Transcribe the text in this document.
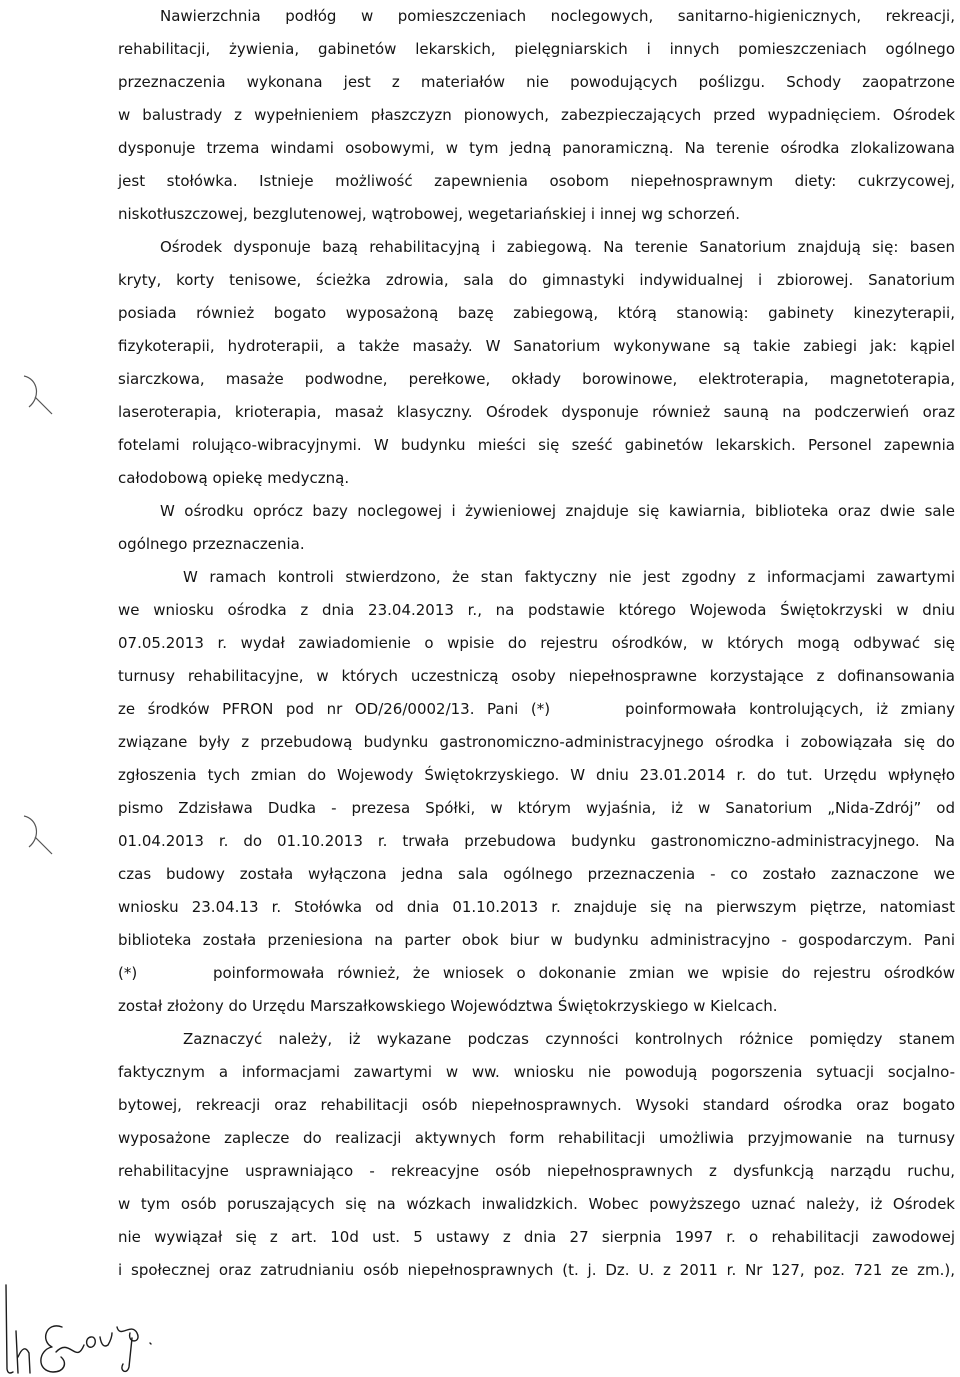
Nawierzchnia podłóg w pomieszczeniach noclegowych, sanitarno-higienicznych, rekreacji,
rehabilitacji, żywienia, gabinetów lekarskich, pielęgniarskich i innych pomieszczeniach ogólnego
przeznaczenia wykonana jest z materiałów nie powodujących poślizgu. Schody zaopatrzone
w balustrady z wypełnieniem płaszczyzn pionowych, zabezpieczających przed wypadnięciem. Ośrodek
dysponuje trzema windami osobowymi, w tym jedną panoramiczną. Na terenie ośrodka zlokalizowana
jest stołówka. Istnieje możliwość zapewnienia osobom niepełnosprawnym diety: cukrzycowej,
niskotłuszczowej, bezglutenowej, wątrobowej, wegetariańskiej i innej wg schorzeń.
Ośrodek dysponuje bazą rehabilitacyjną i zabiegową. Na terenie Sanatorium znajdują się: basen
kryty, korty tenisowe, ścieżka zdrowia, sala do gimnastyki indywidualnej i zbiorowej. Sanatorium
posiada również bogato wyposażoną bazę zabiegową, którą stanowią: gabinety kinezyterapii,
fizykoterapii, hydroterapii, a także masaży. W Sanatorium wykonywane są takie zabiegi jak: kąpiel
siarczkowa, masaże podwodne, perełkowe, okłady borowinowe, elektroterapia, magnetoterapia,
laseroterapia, krioterapia, masaż klasyczny. Ośrodek dysponuje również sauną na podczerwień oraz
fotelami rolująco-wibracyjnymi. W budynku mieści się sześć gabinetów lekarskich. Personel zapewnia
całodobową opiekę medyczną.
W ośrodku oprócz bazy noclegowej i żywieniowej znajduje się kawiarnia, biblioteka oraz dwie sale
ogólnego przeznaczenia.
W ramach kontroli stwierdzono, że stan faktyczny nie jest zgodny z informacjami zawartymi
we wniosku ośrodka z dnia 23.04.2013 r., na podstawie którego Wojewoda Świętokrzyski w dniu
07.05.2013 r. wydał zawiadomienie o wpisie do rejestru ośrodków, w których mogą odbywać się
turnusy rehabilitacyjne, w których uczestniczą osoby niepełnosprawne korzystające z dofinansowania
ze środków PFRON pod nr OD/26/0002/13. Pani (*)	poinformowała kontrolujących, iż zmiany
związane były z przebudową budynku gastronomiczno-administracyjnego ośrodka i zobowiązała się do
zgłoszenia tych zmian do Wojewody Świętokrzyskiego. W dniu 23.01.2014 r. do tut. Urzędu wpłynęło
pismo Zdzisława Dudka - prezesa Spółki, w którym wyjaśnia, iż w Sanatorium „Nida-Zdrój” od
01.04.2013 r. do 01.10.2013 r. trwała przebudowa budynku gastronomiczno-administracyjnego. Na
czas budowy została wyłączona jedna sala ogólnego przeznaczenia - co zostało zaznaczone we
wniosku 23.04.13 r. Stołówka od dnia 01.10.2013 r. znajduje się na pierwszym piętrze, natomiast
biblioteka została przeniesiona na parter obok biur w budynku administracyjno - gospodarczym. Pani
(*)	poinformowała również, że wniosek o dokonanie zmian we wpisie do rejestru ośrodków
został złożony do Urzędu Marszałkowskiego Województwa Świętokrzyskiego w Kielcach.
Zaznaczyć należy, iż wykazane podczas czynności kontrolnych różnice pomiędzy stanem
faktycznym a informacjami zawartymi w ww. wniosku nie powodują pogorszenia sytuacji socjalno-
bytowej, rekreacji oraz rehabilitacji osób niepełnosprawnych. Wysoki standard ośrodka oraz bogato
wyposażone zaplecze do realizacji aktywnych form rehabilitacji umożliwia przyjmowanie na turnusy
rehabilitacyjne usprawniająco - rekreacyjne osób niepełnosprawnych z dysfunkcją narządu ruchu,
w tym osób poruszających się na wózkach inwalidzkich. Wobec powyższego uznać należy, iż Ośrodek
nie wywiązał się z art. 10d ust. 5 ustawy z dnia 27 sierpnia 1997 r. o rehabilitacji zawodowej
i społecznej oraz zatrudnianiu osób niepełnosprawnych (t. j. Dz. U. z 2011 r. Nr 127, poz. 721 ze zm.),
